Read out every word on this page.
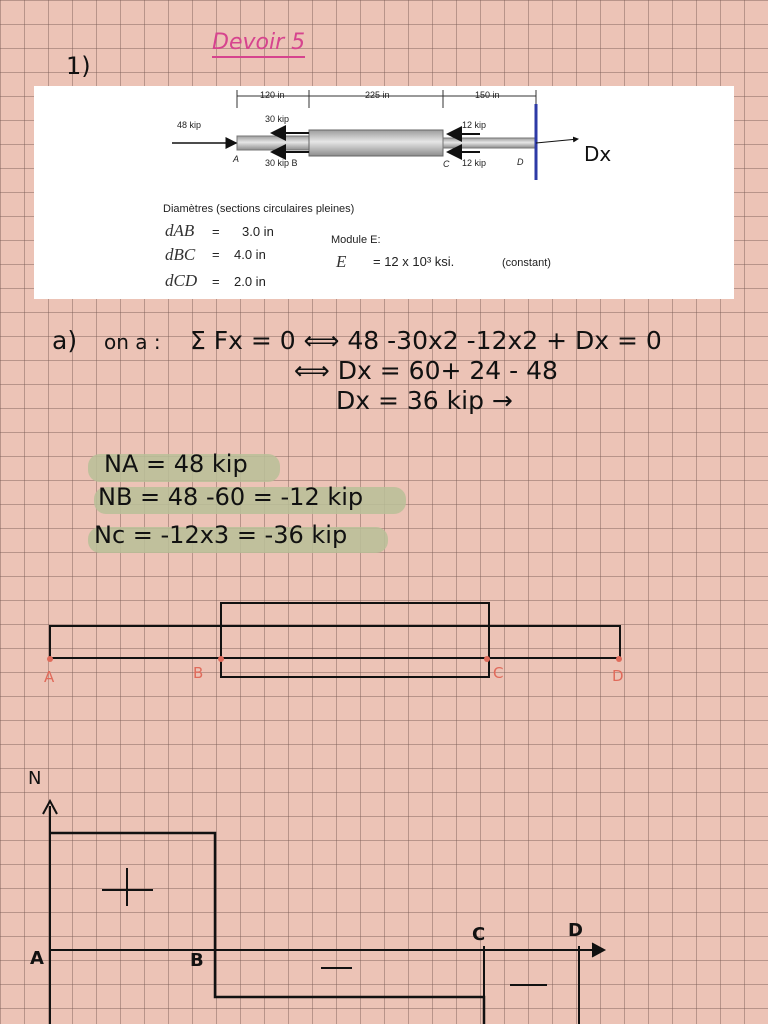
Devoir 5
1)
120 in	225 in	150 in
48 kip
30 kip
30 kip B
12 kip
12 kip
A	C	D
Diamètres (sections circulaires pleines)
dAB = 3.0 in
dBC = 4.0 in
dCD = 2.0 in
Module E:
E = 12 x 10³ ksi.	(constant)
Dx
a) on a : Σ Fx = 0 ⟺ 48 -30x2 -12x2 + Dx = 0
⟺ Dx = 60+ 24 - 48
Dx = 36 kip →
NA = 48 kip
NB = 48 -60 = -12 kip
Nc = -12x3 = -36 kip
A	B	C	D
N
A	B
C	D
